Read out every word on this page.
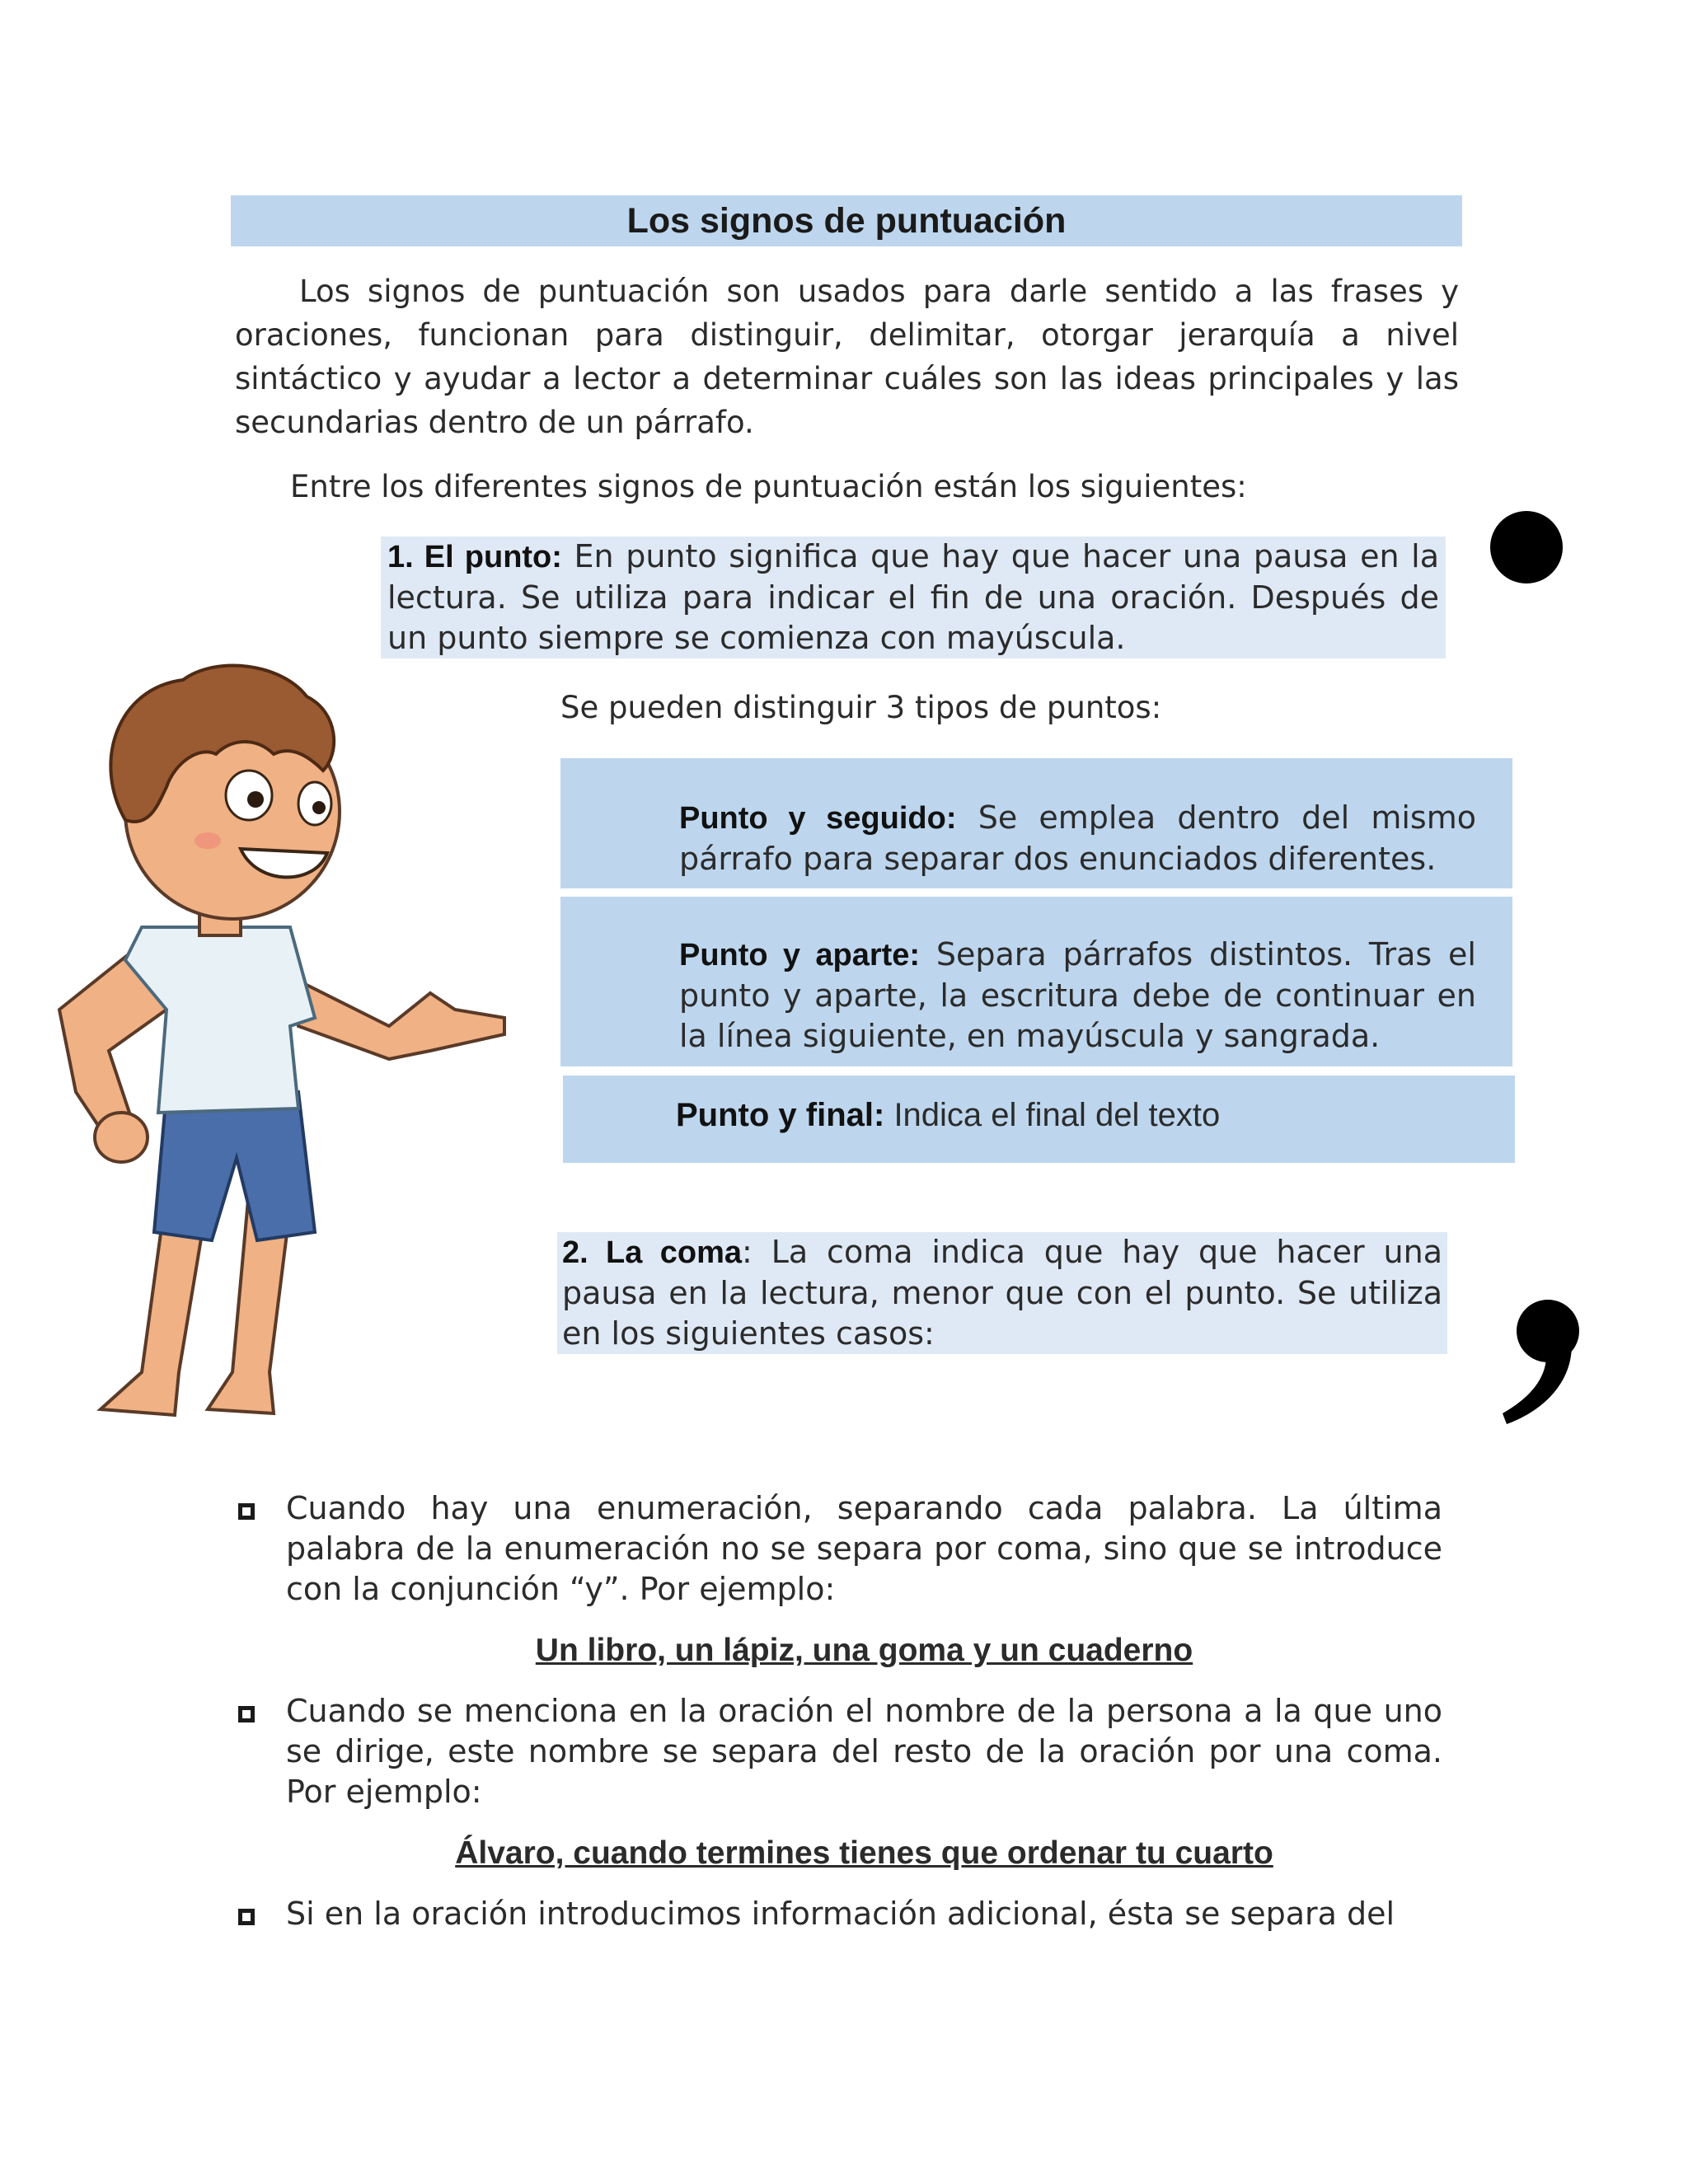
Los signos de puntuación

Los signos de puntuación son usados para darle sentido a las frases y oraciones, funcionan para distinguir, delimitar, otorgar jerarquía a nivel sintáctico y ayudar a lector a determinar cuáles son las ideas principales y las secundarias dentro de un párrafo.

Entre los diferentes signos de puntuación están los siguientes:

1. El punto: En punto significa que hay que hacer una pausa en la lectura. Se utiliza para indicar el fin de una oración. Después de un punto siempre se comienza con mayúscula.

Se pueden distinguir 3 tipos de puntos:

Punto y seguido: Se emplea dentro del mismo párrafo para separar dos enunciados diferentes.

Punto y aparte: Separa párrafos distintos. Tras el punto y aparte, la escritura debe de continuar en la línea siguiente, en mayúscula y sangrada.

Punto y final: Indica el final del texto

2. La coma: La coma indica que hay que hacer una pausa en la lectura, menor que con el punto. Se utiliza en los siguientes casos:

Cuando hay una enumeración, separando cada palabra. La última palabra de la enumeración no se separa por coma, sino que se introduce con la conjunción “y”. Por ejemplo:

Un libro, un lápiz, una goma y un cuaderno

Cuando se menciona en la oración el nombre de la persona a la que uno se dirige, este nombre se separa del resto de la oración por una coma. Por ejemplo:

Álvaro, cuando termines tienes que ordenar tu cuarto

Si en la oración introducimos información adicional, ésta se separa del
